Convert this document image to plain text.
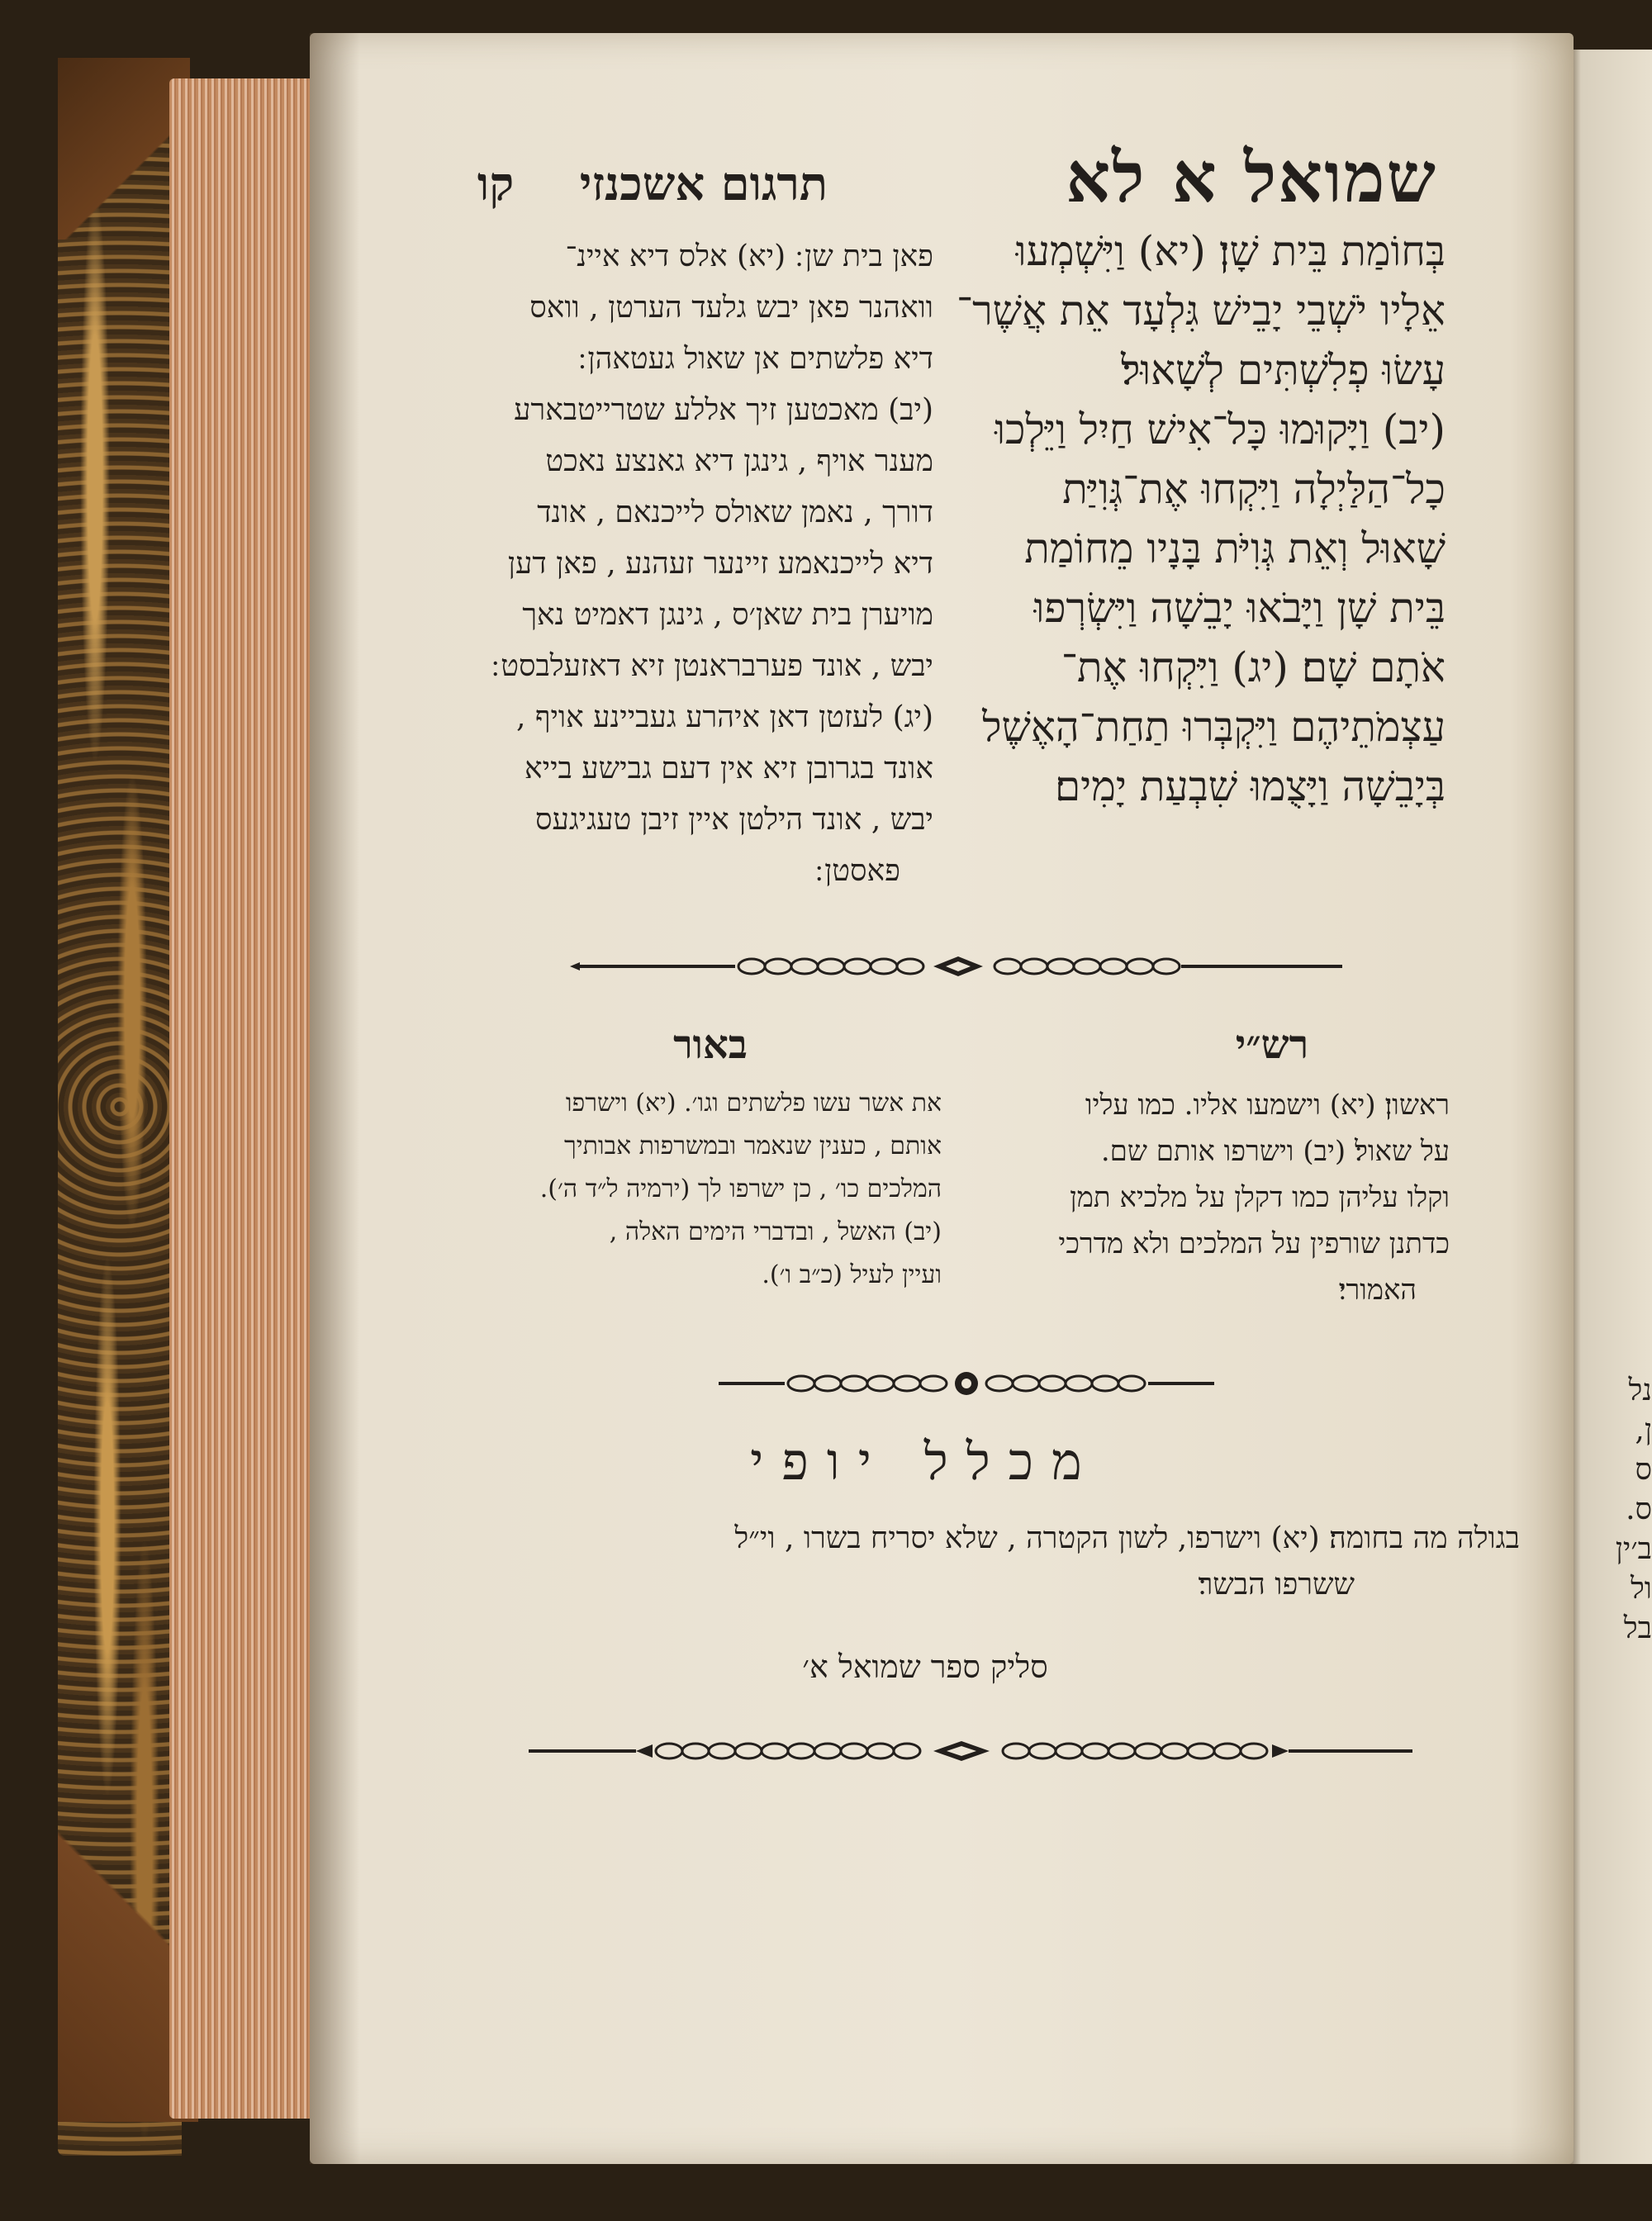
נל
ן,
ס
ס.
ב׳ין
ול
בל
שמואל א לא
תרגום אשכנזי קו
בְּחוֹמַת בֵּית שָׁן׃ (יא) וַיִּשְׁמְעוּ
אֵלָיו יֹשְׁבֵי יָבֵישׁ גִּלְעָד אֵת אֲשֶׁר־
עָשׂוּ פְלִשְׁתִּים לְשָׁאוּל׃
(יב) וַיָּקוּמוּ כָּל־אִישׁ חַיִל וַיֵּלְכוּ
כָל־הַלַּיְלָה וַיִּקְחוּ אֶת־גְּוִיַּת
שָׁאוּל וְאֵת גְּוִיֹּת בָּנָיו מֵחוֹמַת
בֵּית שָׁן וַיָּבֹאוּ יָבֵשָׁה וַיִּשְׂרְפוּ
אֹתָם שָׁם׃ (יג) וַיִּקְחוּ אֶת־
עַצְמֹתֵיהֶם וַיִּקְבְּרוּ תַחַת־הָאֶשֶׁל
בְּיָבֵשָׁה וַיָּצֻמוּ שִׁבְעַת יָמִים׃
פאן בית שן ׃ (יא) אלס דיא איינ־
וואהנר פאן יבש גלעד הערטן , וואס
דיא פלשתים אן שאול געטאהן ׃
(יב) מאכטען זיך אללע שטרייטבארע
מענר אויף , גינגן דיא גאנצע נאכט
דורך , נאמן שאולס לייכנאם , אונד
דיא לייכנאמע זיינער זעהנע , פאן דען
מויערן בית שאן׳ס , גינגן דאמיט נאך
יבש , אונד פערבראנטן זיא דאזעלבסט ׃
(יג) לעזטן דאן איהרע געביינע אויף ,
אונד בגרובן זיא אין דעם גבישע בייא
יבש , אונד הילטן איין זיבן טעגיגעס
פאסטן ׃
רש״י
באור
ראשון׃ (יא) וישמעו אליו. כמו עליו
על שאול׃ (יב) וישרפו אותם שם.
וקלו עליהן כמו דקלן על מלכיא תמן
כדתנן שורפין על המלכים ולא מדרכי
האמורי׃
את אשר עשו פלשתים וגו׳. (יא) וישרפו
אותם , כענין שנאמר ובמשרפות אבותיך
המלכים כו׳ , כן ישרפו לך (ירמיה ל״ד ה׳).
(יב) האשל , ובדברי הימים האלה ,
ועיין לעיל (כ״ב ו׳).
מכלל יופי
בגולה מה בחומה׃ (יא) וישרפו, לשון הקטרה , שלא יסריח בשרו , וי״ל
ששרפו הבשר׃
סליק ספר שמואל א׳
